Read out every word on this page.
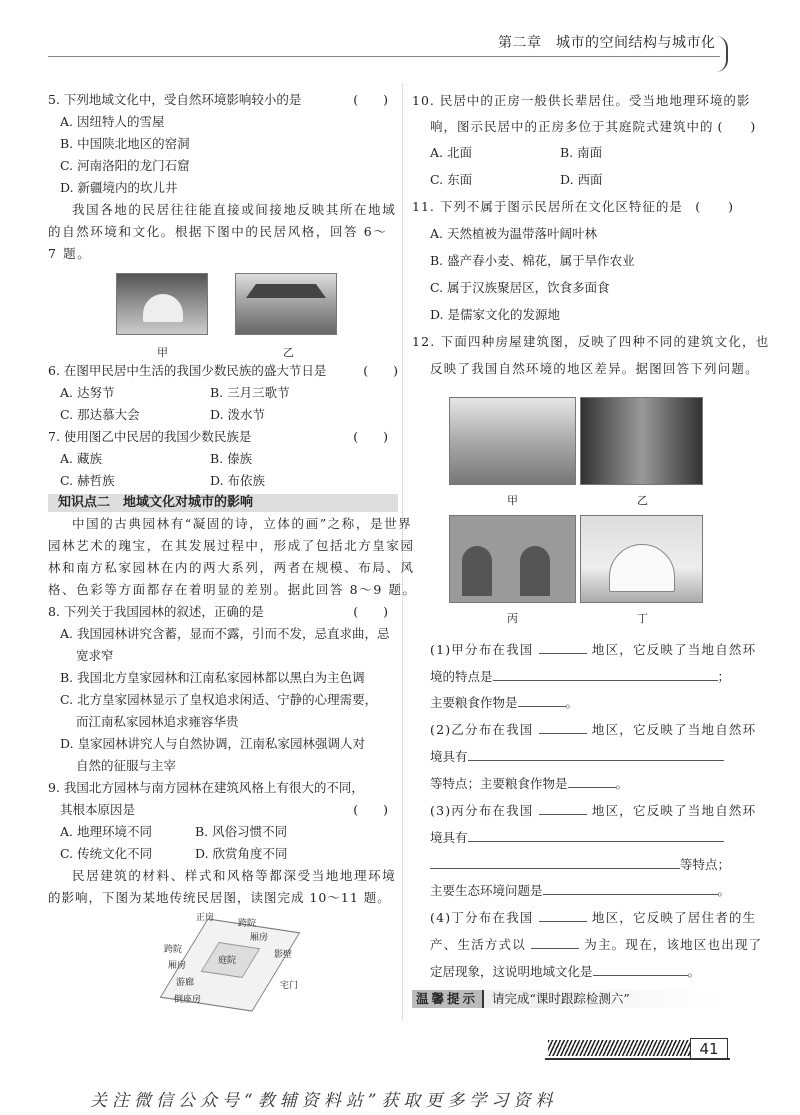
第二章　城市的空间结构与城市化
5. 下列地域文化中，受自然环境影响较小的是	(　　)
A. 因纽特人的雪屋
B. 中国陕北地区的窑洞
C. 河南洛阳的龙门石窟
D. 新疆境内的坎儿井
我国各地的民居往往能直接或间接地反映其所在地域
的自然环境和文化。根据下图中的民居风格，回答 6～
7 题。
甲	乙
6. 在图甲民居中生活的我国少数民族的盛大节日是	(　　)
A. 达努节	B. 三月三歌节
C. 那达慕大会	D. 泼水节
7. 使用图乙中民居的我国少数民族是	(　　)
A. 藏族	B. 傣族
C. 赫哲族	D. 布依族
知识点二　地域文化对城市的影响
中国的古典园林有“凝固的诗，立体的画”之称，是世界
园林艺术的瑰宝，在其发展过程中，形成了包括北方皇家园
林和南方私家园林在内的两大系列，两者在规模、布局、风
格、色彩等方面都存在着明显的差别。据此回答 8～9 题。
8. 下列关于我国园林的叙述，正确的是	(　　)
A. 我国园林讲究含蓄，显而不露，引而不发，忌直求曲，忌
宽求窄
B. 我国北方皇家园林和江南私家园林都以黑白为主色调
C. 北方皇家园林显示了皇权追求闲适、宁静的心理需要，
而江南私家园林追求雍容华贵
D. 皇家园林讲究人与自然协调，江南私家园林强调人对
自然的征服与主宰
9. 我国北方园林与南方园林在建筑风格上有很大的不同，
其根本原因是	(　　)
A. 地理环境不同	B. 风俗习惯不同
C. 传统文化不同	D. 欣赏角度不同
民居建筑的材料、样式和风格等都深受当地地理环境
的影响，下图为某地传统民居图，读图完成 10～11 题。
正房
跨院
厢房
跨院
厢房	庭院
影壁
游廊	宅门
倒座房
10. 民居中的正房一般供长辈居住。受当地地理环境的影
响，图示民居中的正房多位于其庭院式建筑中的 (　　)
A. 北面	B. 南面
C. 东面	D. 西面
11. 下列不属于图示民居所在文化区特征的是 (　　)
A. 天然植被为温带落叶阔叶林
B. 盛产春小麦、棉花，属于旱作农业
C. 属于汉族聚居区，饮食多面食
D. 是儒家文化的发源地
12. 下面四种房屋建筑图，反映了四种不同的建筑文化，也
反映了我国自然环境的地区差异。据图回答下列问题。
甲	乙
丙	丁
(1)甲分布在我国	地区，它反映了当地自然环
境的特点是	；
主要粮食作物是	。
(2)乙分布在我国	地区，它反映了当地自然环
境具有
等特点；主要粮食作物是	。
(3)丙分布在我国	地区，它反映了当地自然环
境具有
等特点；
主要生态环境问题是	。
(4)丁分布在我国	地区，它反映了居住者的生
产、生活方式以	为主。现在，该地区也出现了
定居现象，这说明地域文化是	。
温馨提示	请完成“课时跟踪检测六”
41
关注微信公众号“教辅资料站”获取更多学习资料
